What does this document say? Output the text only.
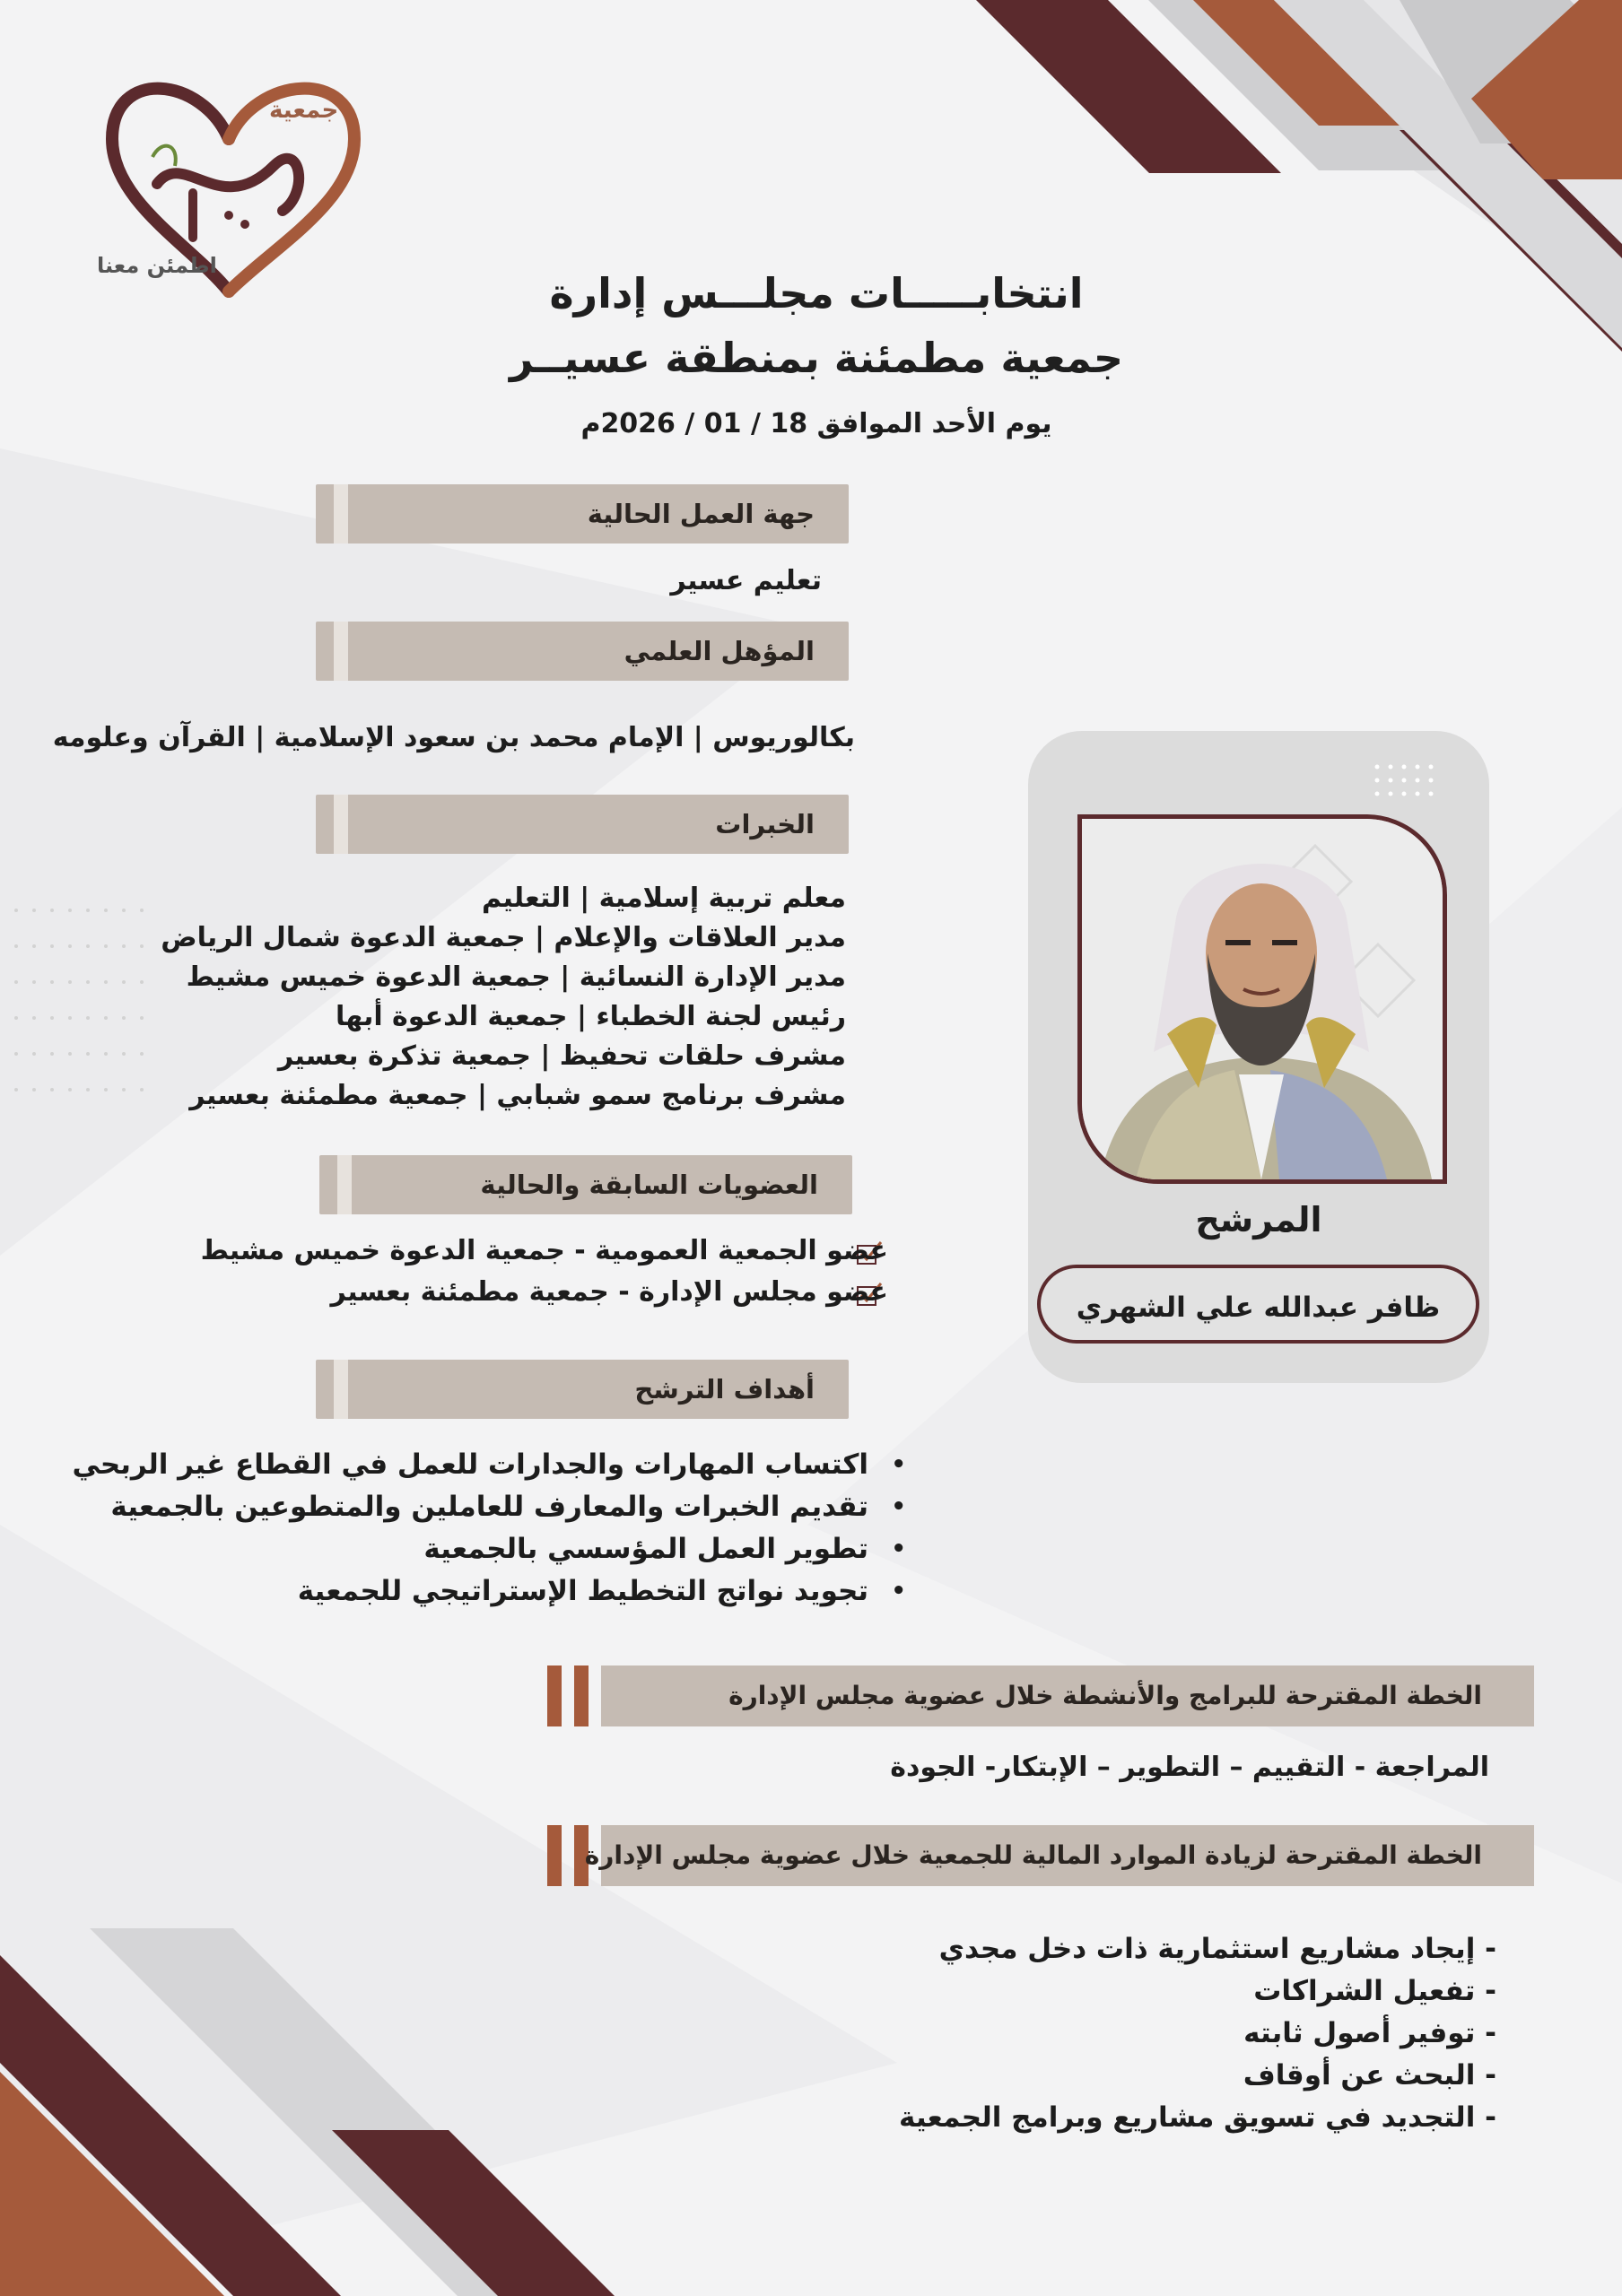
جمعية
اطمئن معنا
انتخابـــــات مجلـــس إدارة
جمعية مطمئنة بمنطقة عسيــر
يوم الأحد الموافق 18 / 01 / 2026م
جهة العمل الحالية
تعليم عسير
المؤهل العلمي
بكالوريوس | الإمام محمد بن سعود الإسلامية | القرآن وعلومه
الخبرات
معلم تربية إسلامية | التعليم
مدير العلاقات والإعلام | جمعية الدعوة شمال الرياض
مدير الإدارة النسائية | جمعية الدعوة خميس مشيط
رئيس لجنة الخطباء | جمعية الدعوة أبها
مشرف حلقات تحفيظ | جمعية تذكرة بعسير
مشرف برنامج سمو شبابي | جمعية مطمئنة بعسير
العضويات السابقة والحالية
عضو الجمعية العمومية - جمعية الدعوة خميس مشيط
عضو مجلس الإدارة - جمعية مطمئنة بعسير
أهداف الترشح
• اكتساب المهارات والجدارات للعمل في القطاع غير الربحي
• تقديم الخبرات والمعارف للعاملين والمتطوعين بالجمعية
• تطوير العمل المؤسسي بالجمعية
• تجويد نواتج التخطيط الإستراتيجي للجمعية
الخطة المقترحة للبرامج والأنشطة خلال عضوية مجلس الإدارة
المراجعة - التقييم – التطوير – الإبتكار- الجودة
الخطة المقترحة لزيادة الموارد المالية للجمعية خلال عضوية مجلس الإدارة
- إيجاد مشاريع استثمارية ذات دخل مجدي
- تفعيل الشراكات
- توفير أصول ثابته
- البحث عن أوقاف
- التجديد في تسويق مشاريع وبرامج الجمعية
المرشح
ظافر عبدالله علي الشهري
